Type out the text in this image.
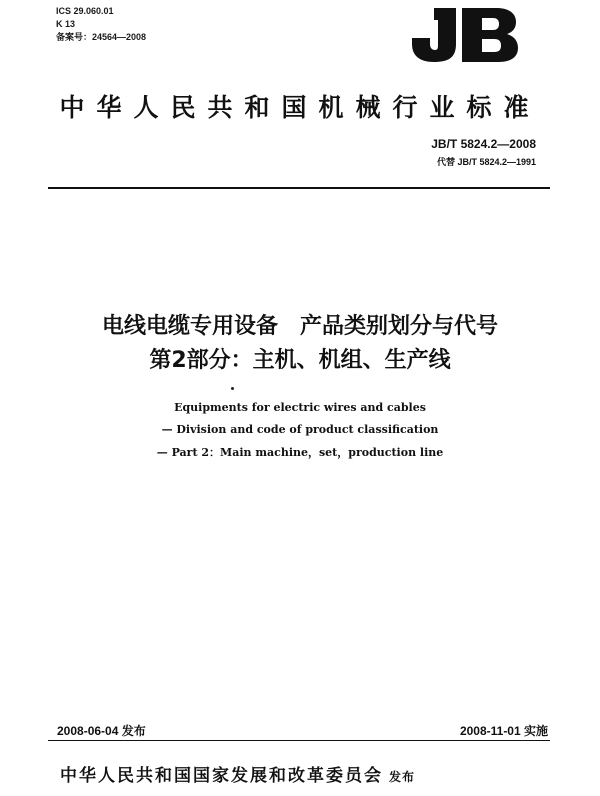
ICS 29.060.01
K 13
备案号：24564—2008
中华人民共和国机械行业标准
JB/T 5824.2—2008
代替 JB/T 5824.2—1991
电线电缆专用设备　产品类别划分与代号
第2部分：主机、机组、生产线
Equipments for electric wires and cables
— Division and code of product classification
— Part 2：Main machine，set，production line
2008-06-04 发布	2008-11-01 实施
中华人民共和国国家发展和改革委员会 发布
